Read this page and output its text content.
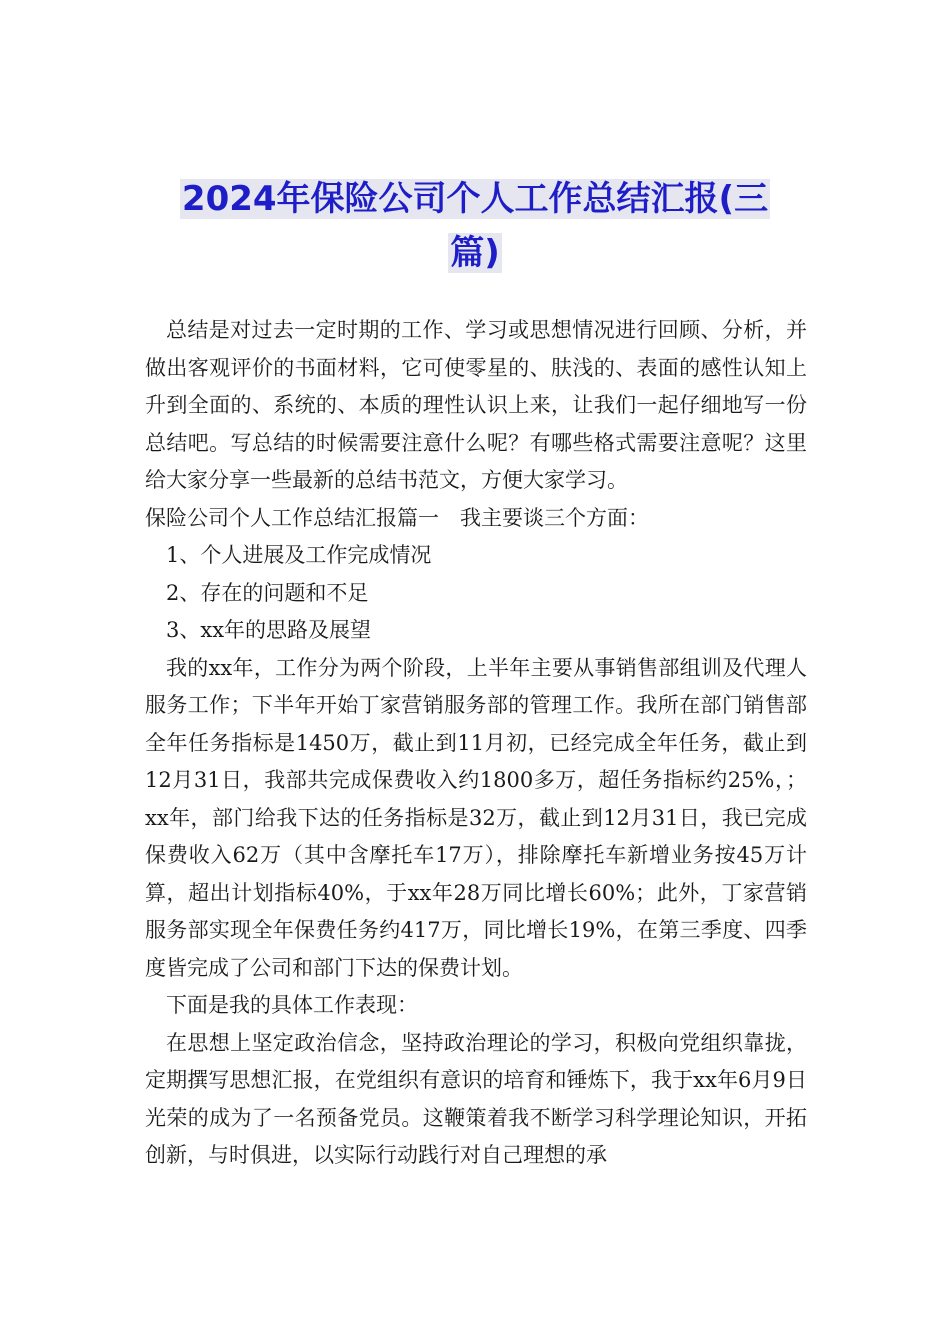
2024年保险公司个人工作总结汇报(三
篇)

总结是对过去一定时期的工作、学习或思想情况进行回顾、分析，并做出客观评价的书面材料，它可使零星的、肤浅的、表面的感性认知上升到全面的、系统的、本质的理性认识上来，让我们一起仔细地写一份总结吧。写总结的时候需要注意什么呢？有哪些格式需要注意呢？这里给大家分享一些最新的总结书范文，方便大家学习。

保险公司个人工作总结汇报篇一　我主要谈三个方面：

1、个人进展及工作完成情况

2、存在的问题和不足

3、xx年的思路及展望

我的xx年，工作分为两个阶段，上半年主要从事销售部组训及代理人服务工作；下半年开始丁家营销服务部的管理工作。我所在部门销售部全年任务指标是1450万，截止到11月初，已经完成全年任务，截止到12月31日，我部共完成保费收入约1800多万，超任务指标约25%，；xx年，部门给我下达的任务指标是32万，截止到12月31日，我已完成保费收入62万（其中含摩托车17万），排除摩托车新增业务按45万计算，超出计划指标40%，于xx年28万同比增长60%；此外，丁家营销服务部实现全年保费任务约417万，同比增长19%，在第三季度、四季度皆完成了公司和部门下达的保费计划。

下面是我的具体工作表现：

在思想上坚定政治信念，坚持政治理论的学习，积极向党组织靠拢，定期撰写思想汇报，在党组织有意识的培育和锤炼下，我于xx年6月9日光荣的成为了一名预备党员。这鞭策着我不断学习科学理论知识，开拓创新，与时俱进，以实际行动践行对自己理想的承
